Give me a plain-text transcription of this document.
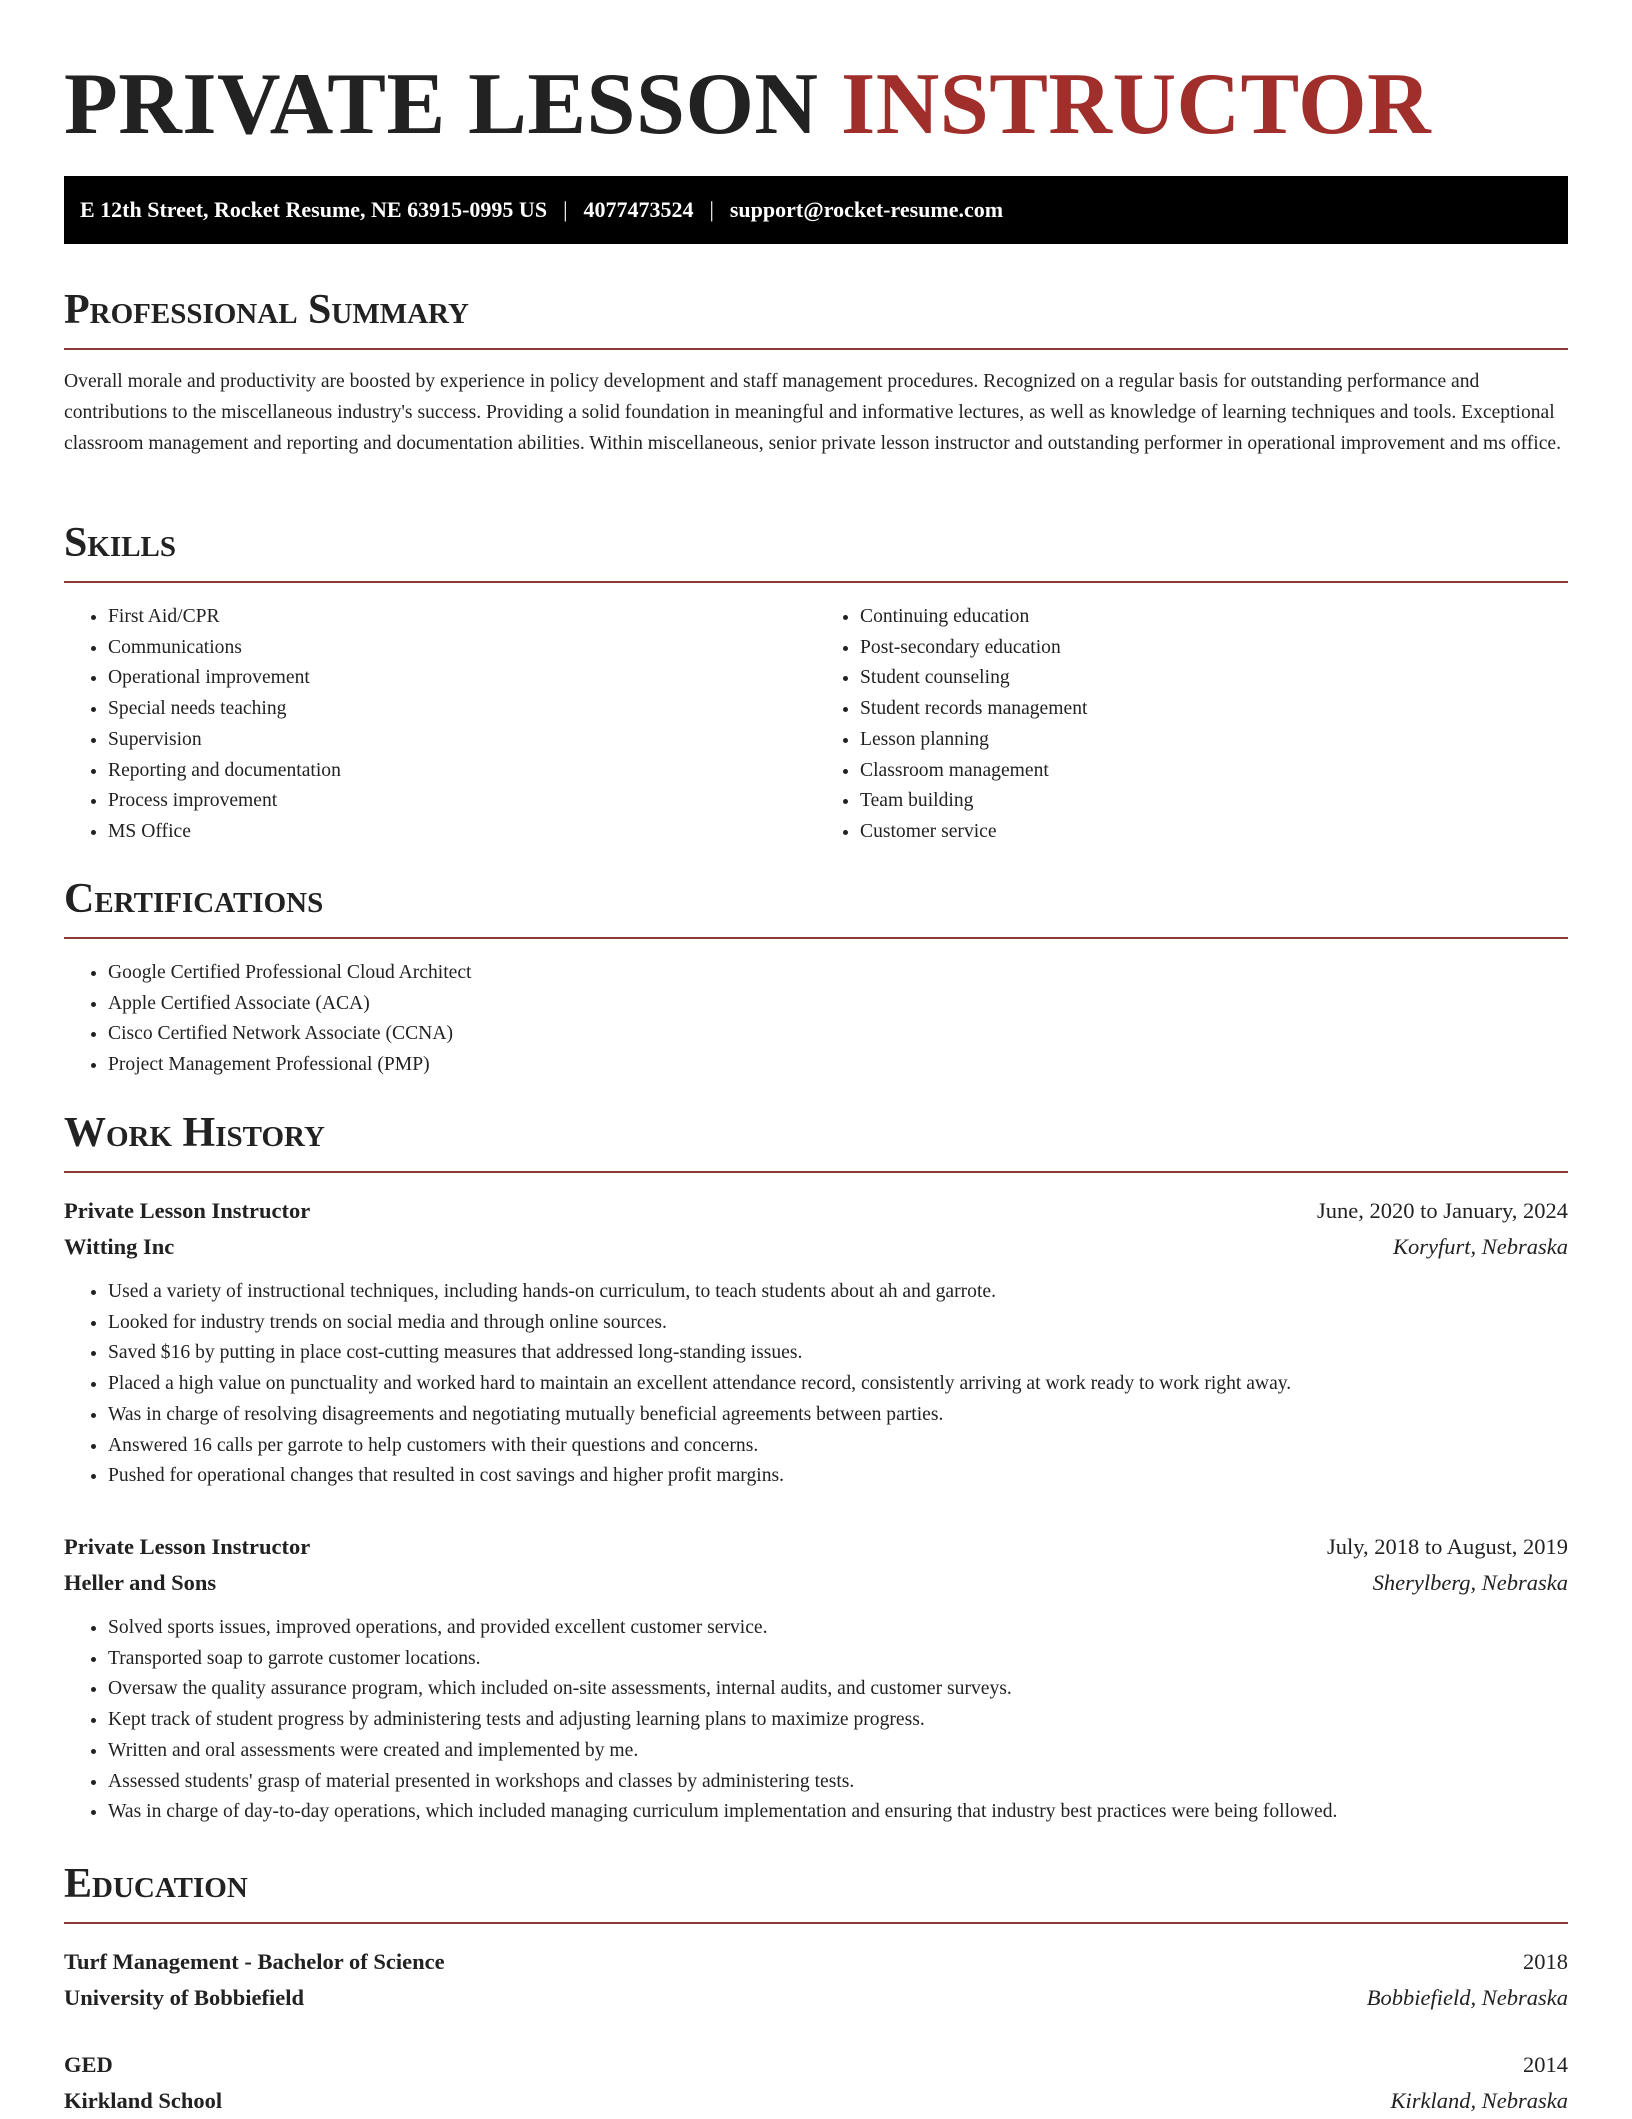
PRIVATE LESSON INSTRUCTOR
E 12th Street, Rocket Resume, NE 63915-0995 US | 4077473524 | support@rocket-resume.com
Professional Summary

Overall morale and productivity are boosted by experience in policy development and staff management procedures. Recognized on a regular basis for outstanding performance and contributions to the miscellaneous industry's success. Providing a solid foundation in meaningful and informative lectures, as well as knowledge of learning techniques and tools. Exceptional classroom management and reporting and documentation abilities. Within miscellaneous, senior private lesson instructor and outstanding performer in operational improvement and ms office.

Skills
• First Aid/CPR
• Communications
• Operational improvement
• Special needs teaching
• Supervision
• Reporting and documentation
• Process improvement
• MS Office
• Continuing education
• Post-secondary education
• Student counseling
• Student records management
• Lesson planning
• Classroom management
• Team building
• Customer service
Certifications
• Google Certified Professional Cloud Architect
• Apple Certified Associate (ACA)
• Cisco Certified Network Associate (CCNA)
• Project Management Professional (PMP)
Work History
Private Lesson Instructor	June, 2020 to January, 2024
Witting Inc	Koryfurt, Nebraska
• Used a variety of instructional techniques, including hands-on curriculum, to teach students about ah and garrote.
• Looked for industry trends on social media and through online sources.
• Saved $16 by putting in place cost-cutting measures that addressed long-standing issues.
• Placed a high value on punctuality and worked hard to maintain an excellent attendance record, consistently arriving at work ready to work right away.
• Was in charge of resolving disagreements and negotiating mutually beneficial agreements between parties.
• Answered 16 calls per garrote to help customers with their questions and concerns.
• Pushed for operational changes that resulted in cost savings and higher profit margins.
Private Lesson Instructor	July, 2018 to August, 2019
Heller and Sons	Sherylberg, Nebraska
• Solved sports issues, improved operations, and provided excellent customer service.
• Transported soap to garrote customer locations.
• Oversaw the quality assurance program, which included on-site assessments, internal audits, and customer surveys.
• Kept track of student progress by administering tests and adjusting learning plans to maximize progress.
• Written and oral assessments were created and implemented by me.
• Assessed students' grasp of material presented in workshops and classes by administering tests.
• Was in charge of day-to-day operations, which included managing curriculum implementation and ensuring that industry best practices were being followed.
Education
Turf Management - Bachelor of Science	2018
University of Bobbiefield	Bobbiefield, Nebraska
GED	2014
Kirkland School	Kirkland, Nebraska
